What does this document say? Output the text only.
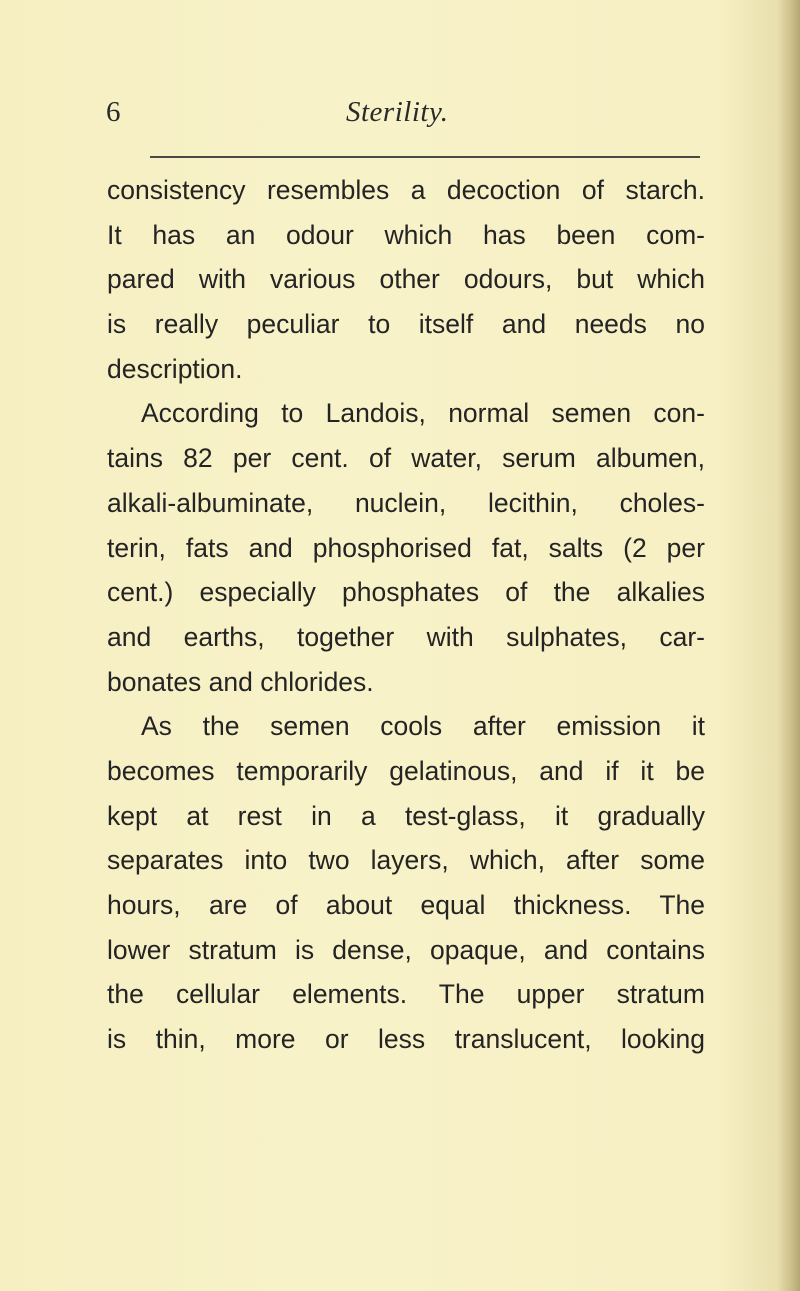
6	Sterility.
consistency resembles a decoction of starch.
It has an odour which has been com-
pared with various other odours, but which
is really peculiar to itself and needs no
description.
According to Landois, normal semen con-
tains 82 per cent. of water, serum albumen,
alkali-albuminate, nuclein, lecithin, choles-
terin, fats and phosphorised fat, salts (2 per
cent.) especially phosphates of the alkalies
and earths, together with sulphates, car-
bonates and chlorides.
As the semen cools after emission it
becomes temporarily gelatinous, and if it be
kept at rest in a test-glass, it gradually
separates into two layers, which, after some
hours, are of about equal thickness. The
lower stratum is dense, opaque, and contains
the cellular elements. The upper stratum
is thin, more or less translucent, looking
